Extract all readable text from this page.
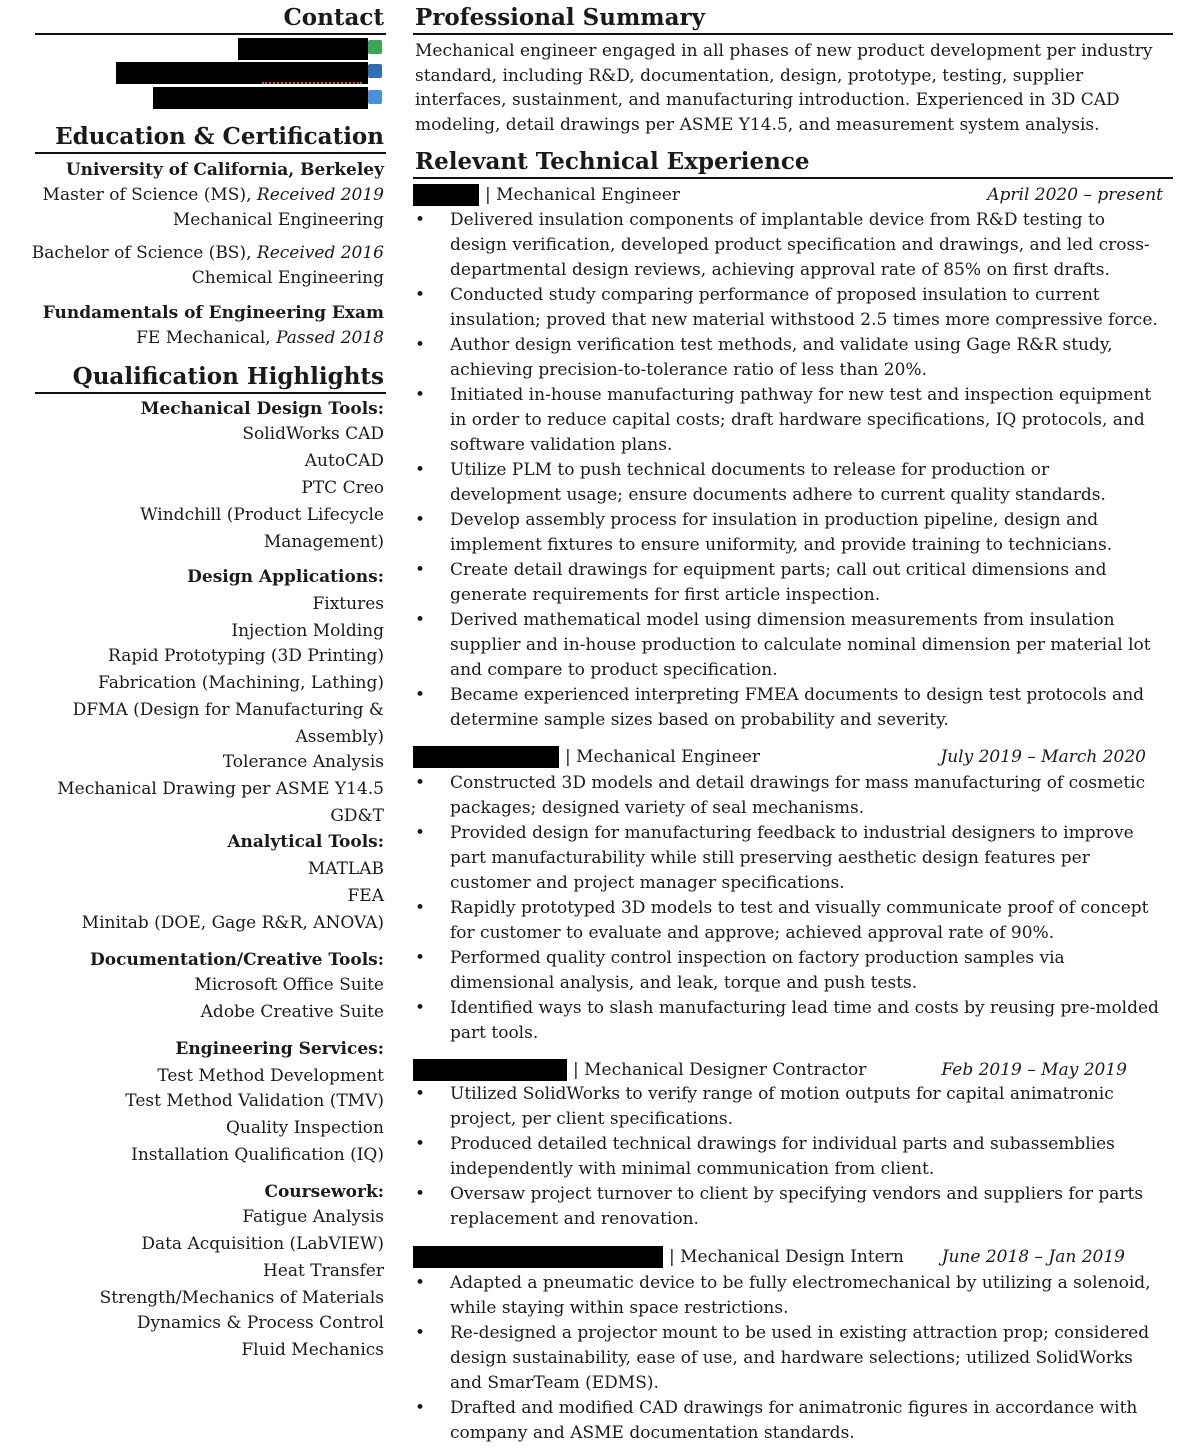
Contact
Education & Certification
University of California, Berkeley
Master of Science (MS), Received 2019
Mechanical Engineering
Bachelor of Science (BS), Received 2016
Chemical Engineering
Fundamentals of Engineering Exam
FE Mechanical, Passed 2018
Qualification Highlights
Mechanical Design Tools:
SolidWorks CAD
AutoCAD
PTC Creo
Windchill (Product Lifecycle
Management)
Design Applications:
Fixtures
Injection Molding
Rapid Prototyping (3D Printing)
Fabrication (Machining, Lathing)
DFMA (Design for Manufacturing &
Assembly)
Tolerance Analysis
Mechanical Drawing per ASME Y14.5
GD&T
Analytical Tools:
MATLAB
FEA
Minitab (DOE, Gage R&R, ANOVA)
Documentation/Creative Tools:
Microsoft Office Suite
Adobe Creative Suite
Engineering Services:
Test Method Development
Test Method Validation (TMV)
Quality Inspection
Installation Qualification (IQ)
Coursework:
Fatigue Analysis
Data Acquisition (LabVIEW)
Heat Transfer
Strength/Mechanics of Materials
Dynamics & Process Control
Fluid Mechanics
Professional Summary
Mechanical engineer engaged in all phases of new product development per industry
standard, including R&D, documentation, design, prototype, testing, supplier
interfaces, sustainment, and manufacturing introduction. Experienced in 3D CAD
modeling, detail drawings per ASME Y14.5, and measurement system analysis.
Relevant Technical Experience
| Mechanical Engineer	April 2020 – present
• Delivered insulation components of implantable device from R&D testing to
design verification, developed product specification and drawings, and led cross-
departmental design reviews, achieving approval rate of 85% on first drafts.
• Conducted study comparing performance of proposed insulation to current
insulation; proved that new material withstood 2.5 times more compressive force.
• Author design verification test methods, and validate using Gage R&R study,
achieving precision-to-tolerance ratio of less than 20%.
• Initiated in-house manufacturing pathway for new test and inspection equipment
in order to reduce capital costs; draft hardware specifications, IQ protocols, and
software validation plans.
• Utilize PLM to push technical documents to release for production or
development usage; ensure documents adhere to current quality standards.
• Develop assembly process for insulation in production pipeline, design and
implement fixtures to ensure uniformity, and provide training to technicians.
• Create detail drawings for equipment parts; call out critical dimensions and
generate requirements for first article inspection.
• Derived mathematical model using dimension measurements from insulation
supplier and in-house production to calculate nominal dimension per material lot
and compare to product specification.
• Became experienced interpreting FMEA documents to design test protocols and
determine sample sizes based on probability and severity.
| Mechanical Engineer	July 2019 – March 2020
• Constructed 3D models and detail drawings for mass manufacturing of cosmetic
packages; designed variety of seal mechanisms.
• Provided design for manufacturing feedback to industrial designers to improve
part manufacturability while still preserving aesthetic design features per
customer and project manager specifications.
• Rapidly prototyped 3D models to test and visually communicate proof of concept
for customer to evaluate and approve; achieved approval rate of 90%.
• Performed quality control inspection on factory production samples via
dimensional analysis, and leak, torque and push tests.
• Identified ways to slash manufacturing lead time and costs by reusing pre-molded
part tools.
| Mechanical Designer Contractor	Feb 2019 – May 2019
• Utilized SolidWorks to verify range of motion outputs for capital animatronic
project, per client specifications.
• Produced detailed technical drawings for individual parts and subassemblies
independently with minimal communication from client.
• Oversaw project turnover to client by specifying vendors and suppliers for parts
replacement and renovation.
| Mechanical Design Intern June 2018 – Jan 2019
• Adapted a pneumatic device to be fully electromechanical by utilizing a solenoid,
while staying within space restrictions.
• Re-designed a projector mount to be used in existing attraction prop; considered
design sustainability, ease of use, and hardware selections; utilized SolidWorks
and SmarTeam (EDMS).
• Drafted and modified CAD drawings for animatronic figures in accordance with
company and ASME documentation standards.
